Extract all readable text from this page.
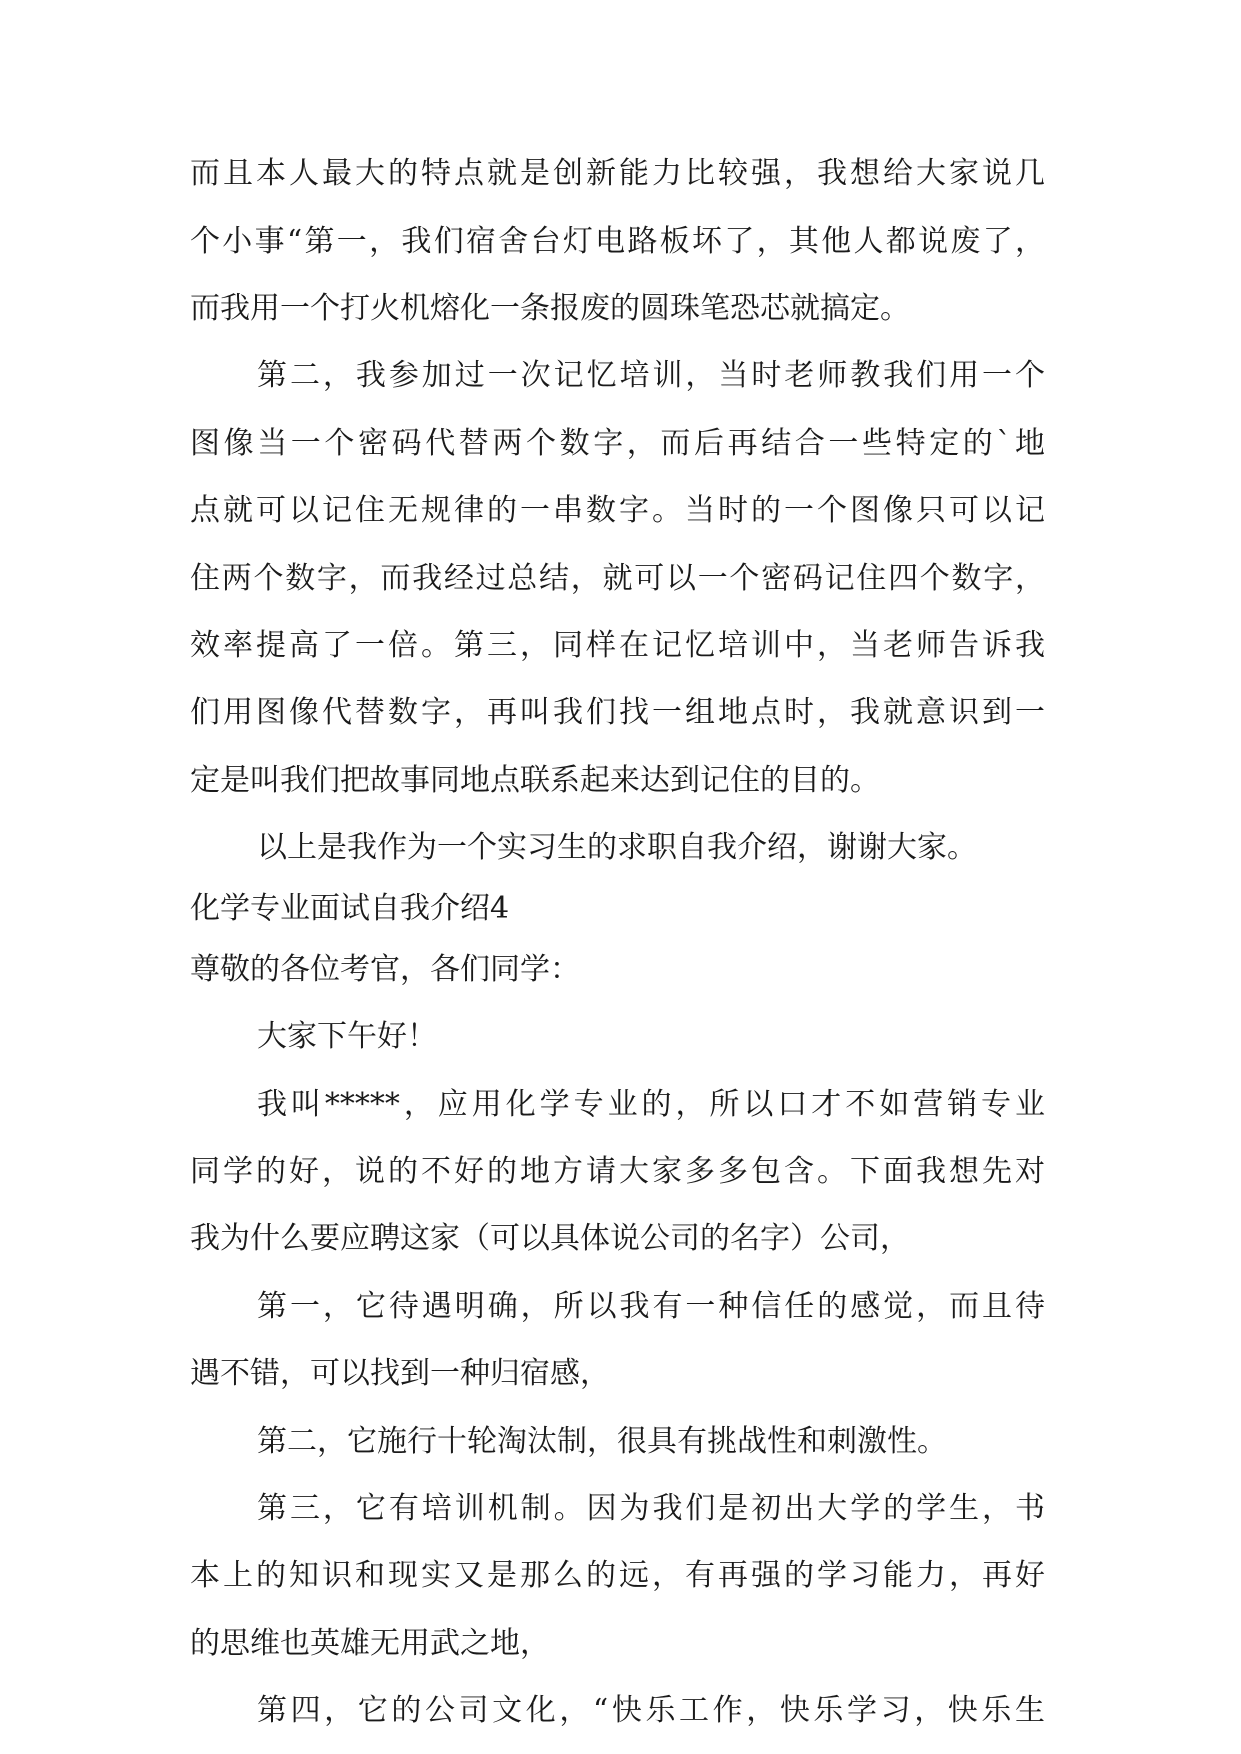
而且本人最大的特点就是创新能力比较强，我想给大家说几
个小事“第一，我们宿舍台灯电路板坏了，其他人都说废了，
而我用一个打火机熔化一条报废的圆珠笔恐芯就搞定。
第二，我参加过一次记忆培训，当时老师教我们用一个
图像当一个密码代替两个数字，而后再结合一些特定的`地
点就可以记住无规律的一串数字。当时的一个图像只可以记
住两个数字，而我经过总结，就可以一个密码记住四个数字，
效率提高了一倍。第三，同样在记忆培训中，当老师告诉我
们用图像代替数字，再叫我们找一组地点时，我就意识到一
定是叫我们把故事同地点联系起来达到记住的目的。
以上是我作为一个实习生的求职自我介绍，谢谢大家。
化学专业面试自我介绍4
尊敬的各位考官，各们同学：
大家下午好！
我叫*****，应用化学专业的，所以口才不如营销专业
同学的好，说的不好的地方请大家多多包含。下面我想先对
我为什么要应聘这家（可以具体说公司的名字）公司，
第一，它待遇明确，所以我有一种信任的感觉，而且待
遇不错，可以找到一种归宿感，
第二，它施行十轮淘汰制，很具有挑战性和刺激性。
第三，它有培训机制。因为我们是初出大学的学生，书
本上的知识和现实又是那么的远，有再强的学习能力，再好
的思维也英雄无用武之地，
第四，它的公司文化，“快乐工作，快乐学习，快乐生
